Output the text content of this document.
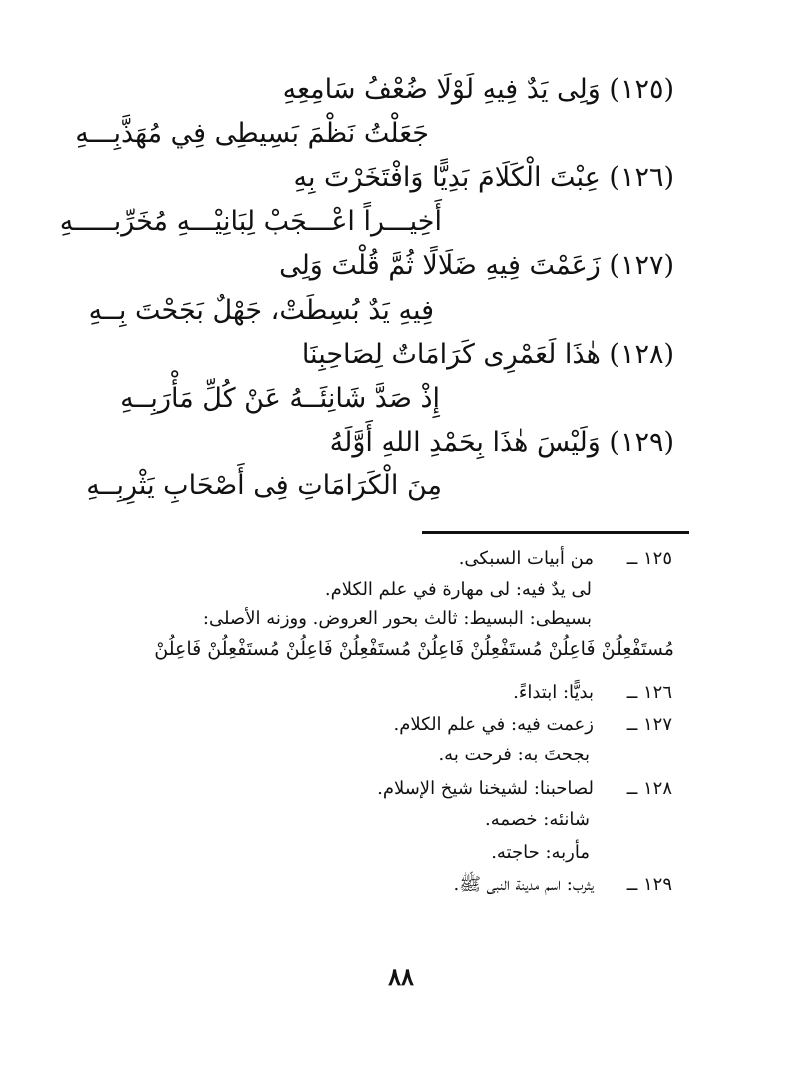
(١٢٥) وَلِى يَدٌ فِيهِ لَوْلَا ضُعْفُ سَامِعِهِ
جَعَلْتُ نَظْمَ بَسِيطِى فِي مُهَذَّبِـــهِ
(١٢٦) عِبْتَ الْكَلَامَ بَدِيًّا وَافْتَخَرْتَ بِهِ
أَخِيـــراً اعْـــجَبْ لِبَانِيْـــهِ مُخَرِّبـــــهِ
(١٢٧) زَعَمْتَ فِيهِ ضَلَالًا ثُمَّ قُلْتَ وَلِى
فِيهِ يَدٌ بُسِطَتْ، جَهْلٌ بَجَحْتَ بِــهِ
(١٢٨) هٰذَا لَعَمْرِى كَرَامَاتٌ لِصَاحِبِنَا
إِذْ صَدَّ شَانِئَــهُ عَنْ كُلِّ مَأْرَبِــهِ
(١٢٩) وَلَيْسَ هٰذَا بِحَمْدِ اللهِ أَوَّلَهُ
مِنَ الْكَرَامَاتِ فِى أَصْحَابِ يَثْرِبِــهِ
١٢٥ ــ
من أبيات السبكى.
لى يدٌ فيه: لى مهارة في علم الكلام.
بسيطى: البسيط: ثالث بحور العروض. ووزنه الأصلى:
مُستَفْعِلُنْ فَاعِلُنْ مُستَفْعِلُنْ فَاعِلُنْ مُستَفْعِلُنْ فَاعِلُنْ مُستَفْعِلُنْ فَاعِلُنْ
١٢٦ ــ
بديًّا: ابتداءً.
١٢٧ ــ
زعمت فيه: في علم الكلام.
بجحتَ به: فرحت به.
١٢٨ ــ
لصاحبنا: لشيخنا شيخ الإسلام.
شانئه: خصمه.
مأربه: حاجته.
١٢٩ ــ
يثرب: اسم مدينة النبى ﷺ.
٨٨
